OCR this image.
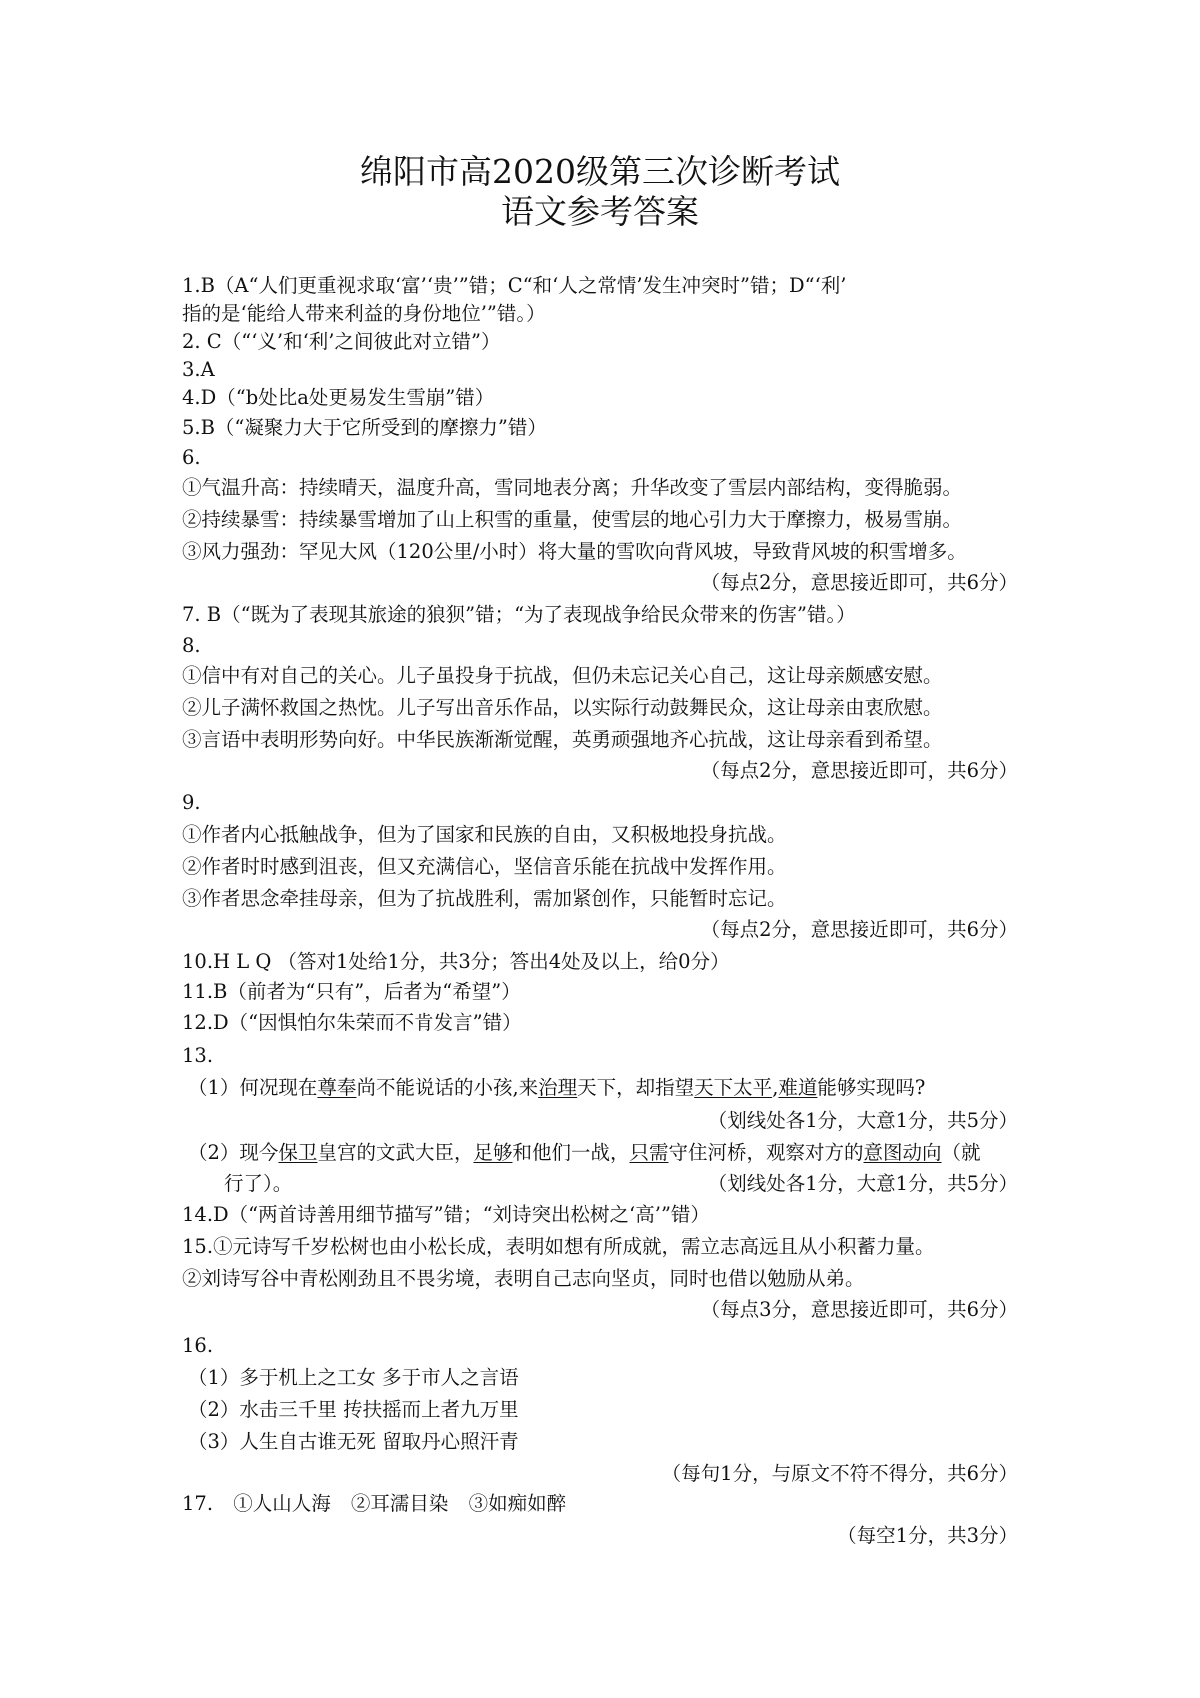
绵阳市高2020级第三次诊断考试
语文参考答案
1.B（A“人们更重视求取‘富’‘贵’”错；C“和‘人之常情’发生冲突时”错；D“‘利’
指的是‘能给人带来利益的身份地位’”错。）
2. C（“‘义’和‘利’之间彼此对立错”）
3.A
4.D（“b处比a处更易发生雪崩”错）
5.B（“凝聚力大于它所受到的摩擦力”错）
6.
①气温升高：持续晴天，温度升高，雪同地表分离；升华改变了雪层内部结构，变得脆弱。
②持续暴雪：持续暴雪增加了山上积雪的重量，使雪层的地心引力大于摩擦力，极易雪崩。
③风力强劲：罕见大风（120公里/小时）将大量的雪吹向背风坡，导致背风坡的积雪增多。
（每点2分，意思接近即可，共6分）
7. B（“既为了表现其旅途的狼狈”错；“为了表现战争给民众带来的伤害”错。）
8.
①信中有对自己的关心。儿子虽投身于抗战，但仍未忘记关心自己，这让母亲颇感安慰。
②儿子满怀救国之热忱。儿子写出音乐作品，以实际行动鼓舞民众，这让母亲由衷欣慰。
③言语中表明形势向好。中华民族渐渐觉醒，英勇顽强地齐心抗战，这让母亲看到希望。
（每点2分，意思接近即可，共6分）
9.
①作者内心抵触战争，但为了国家和民族的自由，又积极地投身抗战。
②作者时时感到沮丧，但又充满信心，坚信音乐能在抗战中发挥作用。
③作者思念牵挂母亲，但为了抗战胜利，需加紧创作，只能暂时忘记。
（每点2分，意思接近即可，共6分）
10.H L Q （答对1处给1分，共3分；答出4处及以上，给0分）
11.B（前者为“只有”，后者为“希望”）
12.D（“因惧怕尔朱荣而不肯发言”错）
13.
（1）何况现在尊奉尚不能说话的小孩,来治理天下，却指望天下太平,难道能够实现吗?
（划线处各1分，大意1分，共5分）
（2）现今保卫皇宫的文武大臣，足够和他们一战，只需守住河桥，观察对方的意图动向（就
行了）。	（划线处各1分，大意1分，共5分）
14.D（“两首诗善用细节描写”错；“刘诗突出松树之‘高’”错）
15.①元诗写千岁松树也由小松长成，表明如想有所成就，需立志高远且从小积蓄力量。
②刘诗写谷中青松刚劲且不畏劣境，表明自己志向坚贞，同时也借以勉励从弟。
（每点3分，意思接近即可，共6分）
16.
（1）多于机上之工女 多于市人之言语
（2）水击三千里 抟扶摇而上者九万里
（3）人生自古谁无死 留取丹心照汗青
（每句1分，与原文不符不得分，共6分）
17. ①人山人海 ②耳濡目染 ③如痴如醉
（每空1分，共3分）
